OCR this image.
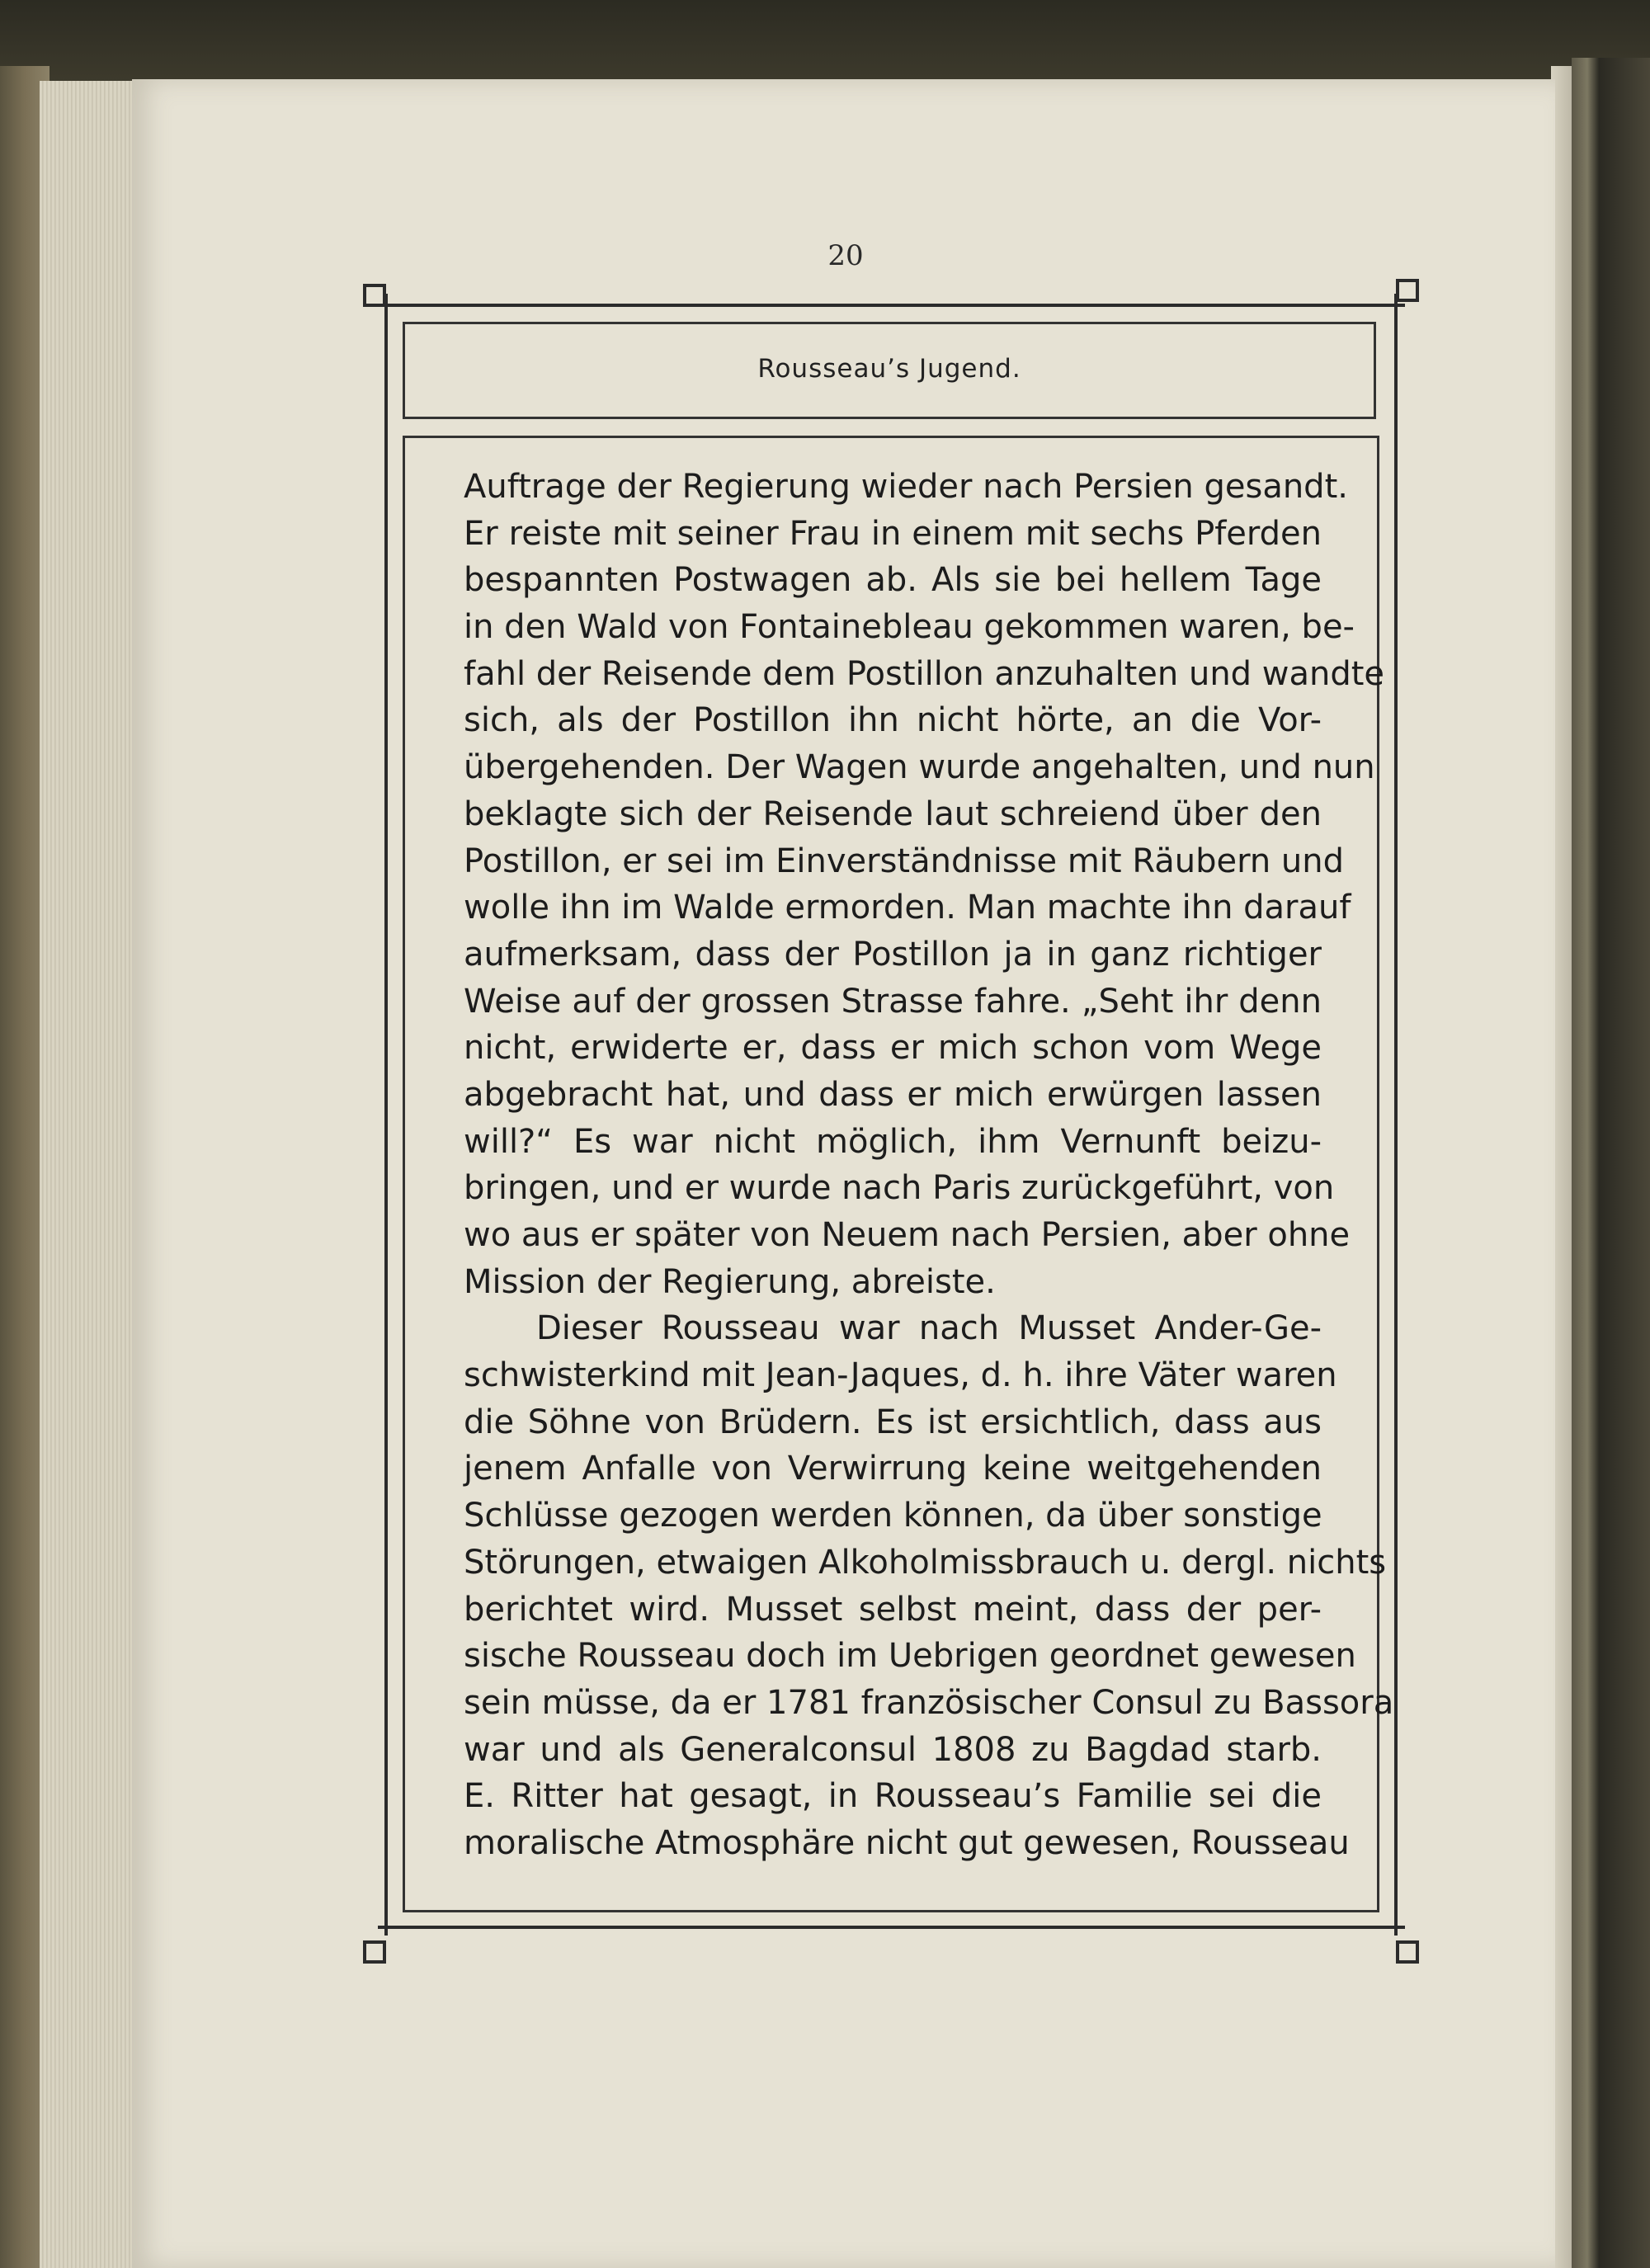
20
Rousseau’s Jugend.
Auftrage der Regierung wieder nach Persien gesandt.
Er reiste mit seiner Frau in einem mit sechs Pferden
bespannten Postwagen ab. Als sie bei hellem Tage
in den Wald von Fontainebleau gekommen waren, be-
fahl der Reisende dem Postillon anzuhalten und wandte
sich, als der Postillon ihn nicht hörte, an die Vor-
übergehenden. Der Wagen wurde angehalten, und nun
beklagte sich der Reisende laut schreiend über den
Postillon, er sei im Einverständnisse mit Räubern und
wolle ihn im Walde ermorden. Man machte ihn darauf
aufmerksam, dass der Postillon ja in ganz richtiger
Weise auf der grossen Strasse fahre. „Seht ihr denn
nicht, erwiderte er, dass er mich schon vom Wege
abgebracht hat, und dass er mich erwürgen lassen
will?“ Es war nicht möglich, ihm Vernunft beizu-
bringen, und er wurde nach Paris zurückgeführt, von
wo aus er später von Neuem nach Persien, aber ohne
Mission der Regierung, abreiste.
Dieser Rousseau war nach Musset Ander-Ge-
schwisterkind mit Jean-Jaques, d. h. ihre Väter waren
die Söhne von Brüdern. Es ist ersichtlich, dass aus
jenem Anfalle von Verwirrung keine weitgehenden
Schlüsse gezogen werden können, da über sonstige
Störungen, etwaigen Alkoholmissbrauch u. dergl. nichts
berichtet wird. Musset selbst meint, dass der per-
sische Rousseau doch im Uebrigen geordnet gewesen
sein müsse, da er 1781 französischer Consul zu Bassora
war und als Generalconsul 1808 zu Bagdad starb.
E. Ritter hat gesagt, in Rousseau’s Familie sei die
moralische Atmosphäre nicht gut gewesen, Rousseau
